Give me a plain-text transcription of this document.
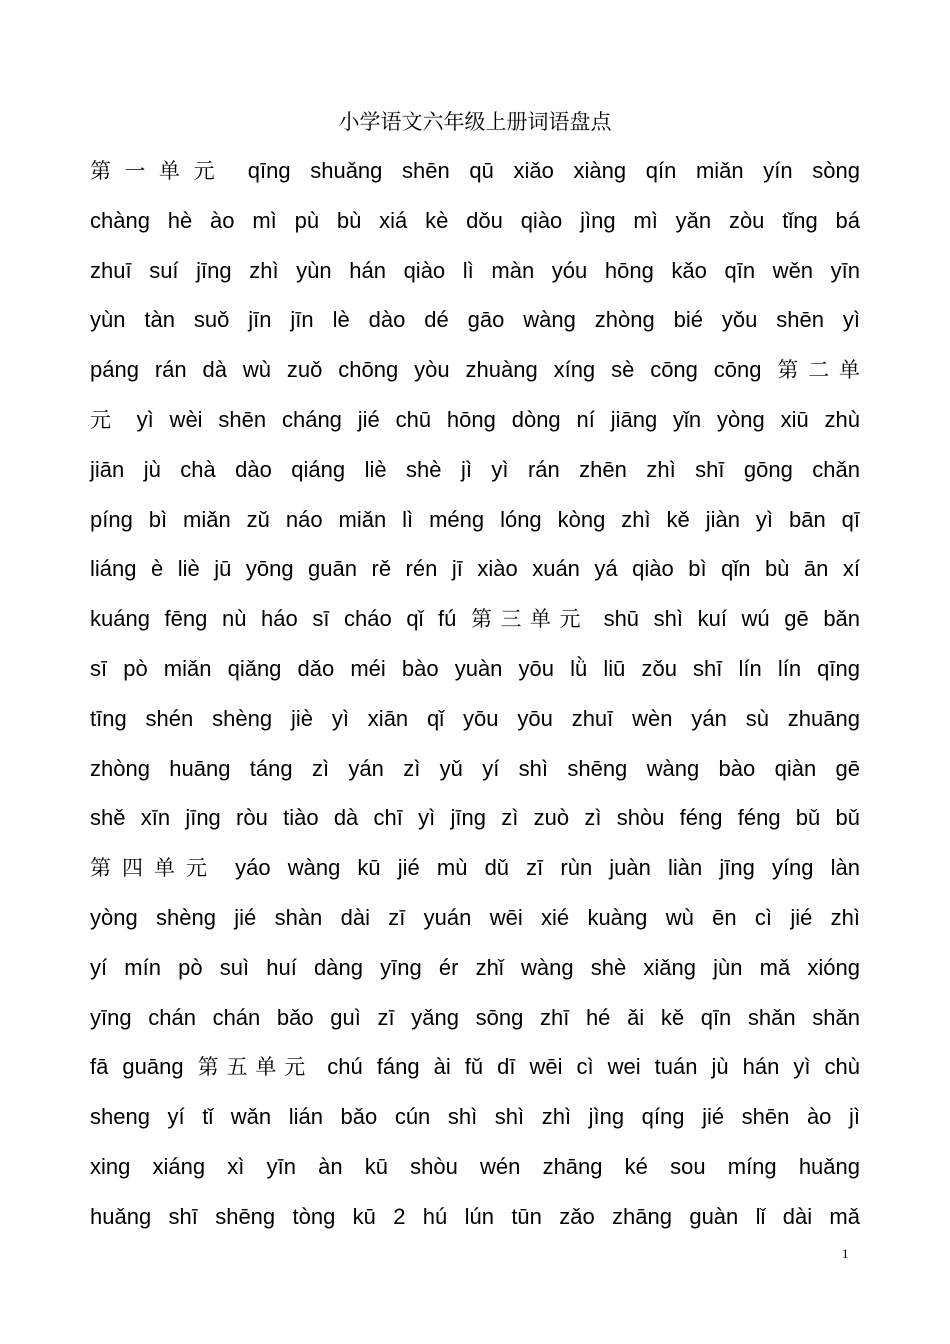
小学语文六年级上册词语盘点
第一单元 qīng shuǎng shēn qū xiǎo xiàng qín miǎn yín sòng
chàng hè ào mì pù bù xiá kè dǒu qiào jìng mì yǎn zòu tǐng bá
zhuī suí jīng zhì yùn hán qiào lì màn yóu hōng kǎo qīn wěn yīn
yùn tàn suǒ jīn jīn lè dào dé gāo wàng zhòng bié yǒu shēn yì
páng rán dà wù zuǒ chōng yòu zhuàng xíng sè cōng cōng 第二单
元 yì wèi shēn cháng jié chū hōng dòng ní jiāng yǐn yòng xiū zhù
jiān jù chà dào qiáng liè shè jì yì rán zhēn zhì shī gōng chǎn
píng bì miǎn zǔ náo miǎn lì méng lóng kòng zhì kě jiàn yì bān qī
liáng è liè jū yōng guān rě rén jī xiào xuán yá qiào bì qǐn bù ān xí
kuáng fēng nù háo sī cháo qǐ fú 第三单元 shū shì kuí wú gē bǎn
sī pò miǎn qiǎng dǎo méi bào yuàn yōu lǜ liū zǒu shī lín lín qīng
tīng shén shèng jiè yì xiān qǐ yōu yōu zhuī wèn yán sù zhuāng
zhòng huāng táng zì yán zì yǔ yí shì shēng wàng bào qiàn gē
shě xīn jīng ròu tiào dà chī yì jīng zì zuò zì shòu féng féng bǔ bǔ
第四单元 yáo wàng kū jié mù dǔ zī rùn juàn liàn jīng yíng làn
yòng shèng jié shàn dài zī yuán wēi xié kuàng wù ēn cì jié zhì
yí mín pò suì huí dàng yīng ér zhǐ wàng shè xiǎng jùn mǎ xióng
yīng chán chán bǎo guì zī yǎng sōng zhī hé ǎi kě qīn shǎn shǎn
fā guāng 第五单元 chú fáng ài fǔ dī wēi cì wei tuán jù hán yì chù
sheng yí tǐ wǎn lián bǎo cún shì shì zhì jìng qíng jié shēn ào jì
xing xiáng xì yīn àn kū shòu wén zhāng ké sou míng huǎng
huǎng shī shēng tòng kū 2 hú lún tūn zǎo zhāng guàn lǐ dài mǎ
1
